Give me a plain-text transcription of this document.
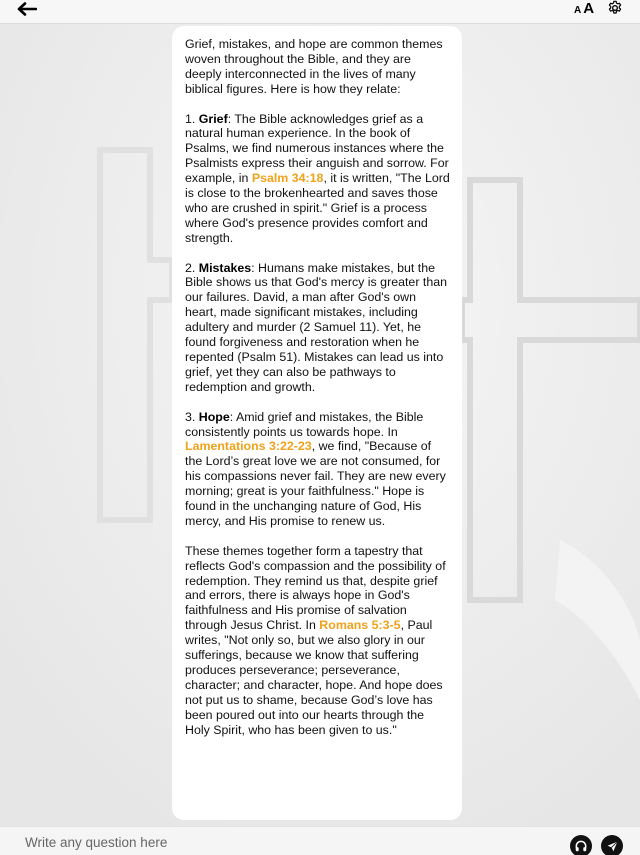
A A

Grief, mistakes, and hope are common themes woven throughout the Bible, and they are deeply interconnected in the lives of many biblical figures. Here is how they relate:

1. Grief: The Bible acknowledges grief as a natural human experience. In the book of Psalms, we find numerous instances where the Psalmists express their anguish and sorrow. For example, in Psalm 34:18, it is written, "The Lord is close to the brokenhearted and saves those who are crushed in spirit." Grief is a process where God's presence provides comfort and strength.

2. Mistakes: Humans make mistakes, but the Bible shows us that God's mercy is greater than our failures. David, a man after God's own heart, made significant mistakes, including adultery and murder (2 Samuel 11). Yet, he found forgiveness and restoration when he repented (Psalm 51). Mistakes can lead us into grief, yet they can also be pathways to redemption and growth.

3. Hope: Amid grief and mistakes, the Bible consistently points us towards hope. In Lamentations 3:22-23, we find, "Because of the Lord’s great love we are not consumed, for his compassions never fail. They are new every morning; great is your faithfulness." Hope is found in the unchanging nature of God, His mercy, and His promise to renew us.

These themes together form a tapestry that reflects God's compassion and the possibility of redemption. They remind us that, despite grief and errors, there is always hope in God's faithfulness and His promise of salvation through Jesus Christ. In Romans 5:3-5, Paul writes, "Not only so, but we also glory in our sufferings, because we know that suffering produces perseverance; perseverance, character; and character, hope. And hope does not put us to shame, because God’s love has been poured out into our hearts through the Holy Spirit, who has been given to us."

Write any question here
